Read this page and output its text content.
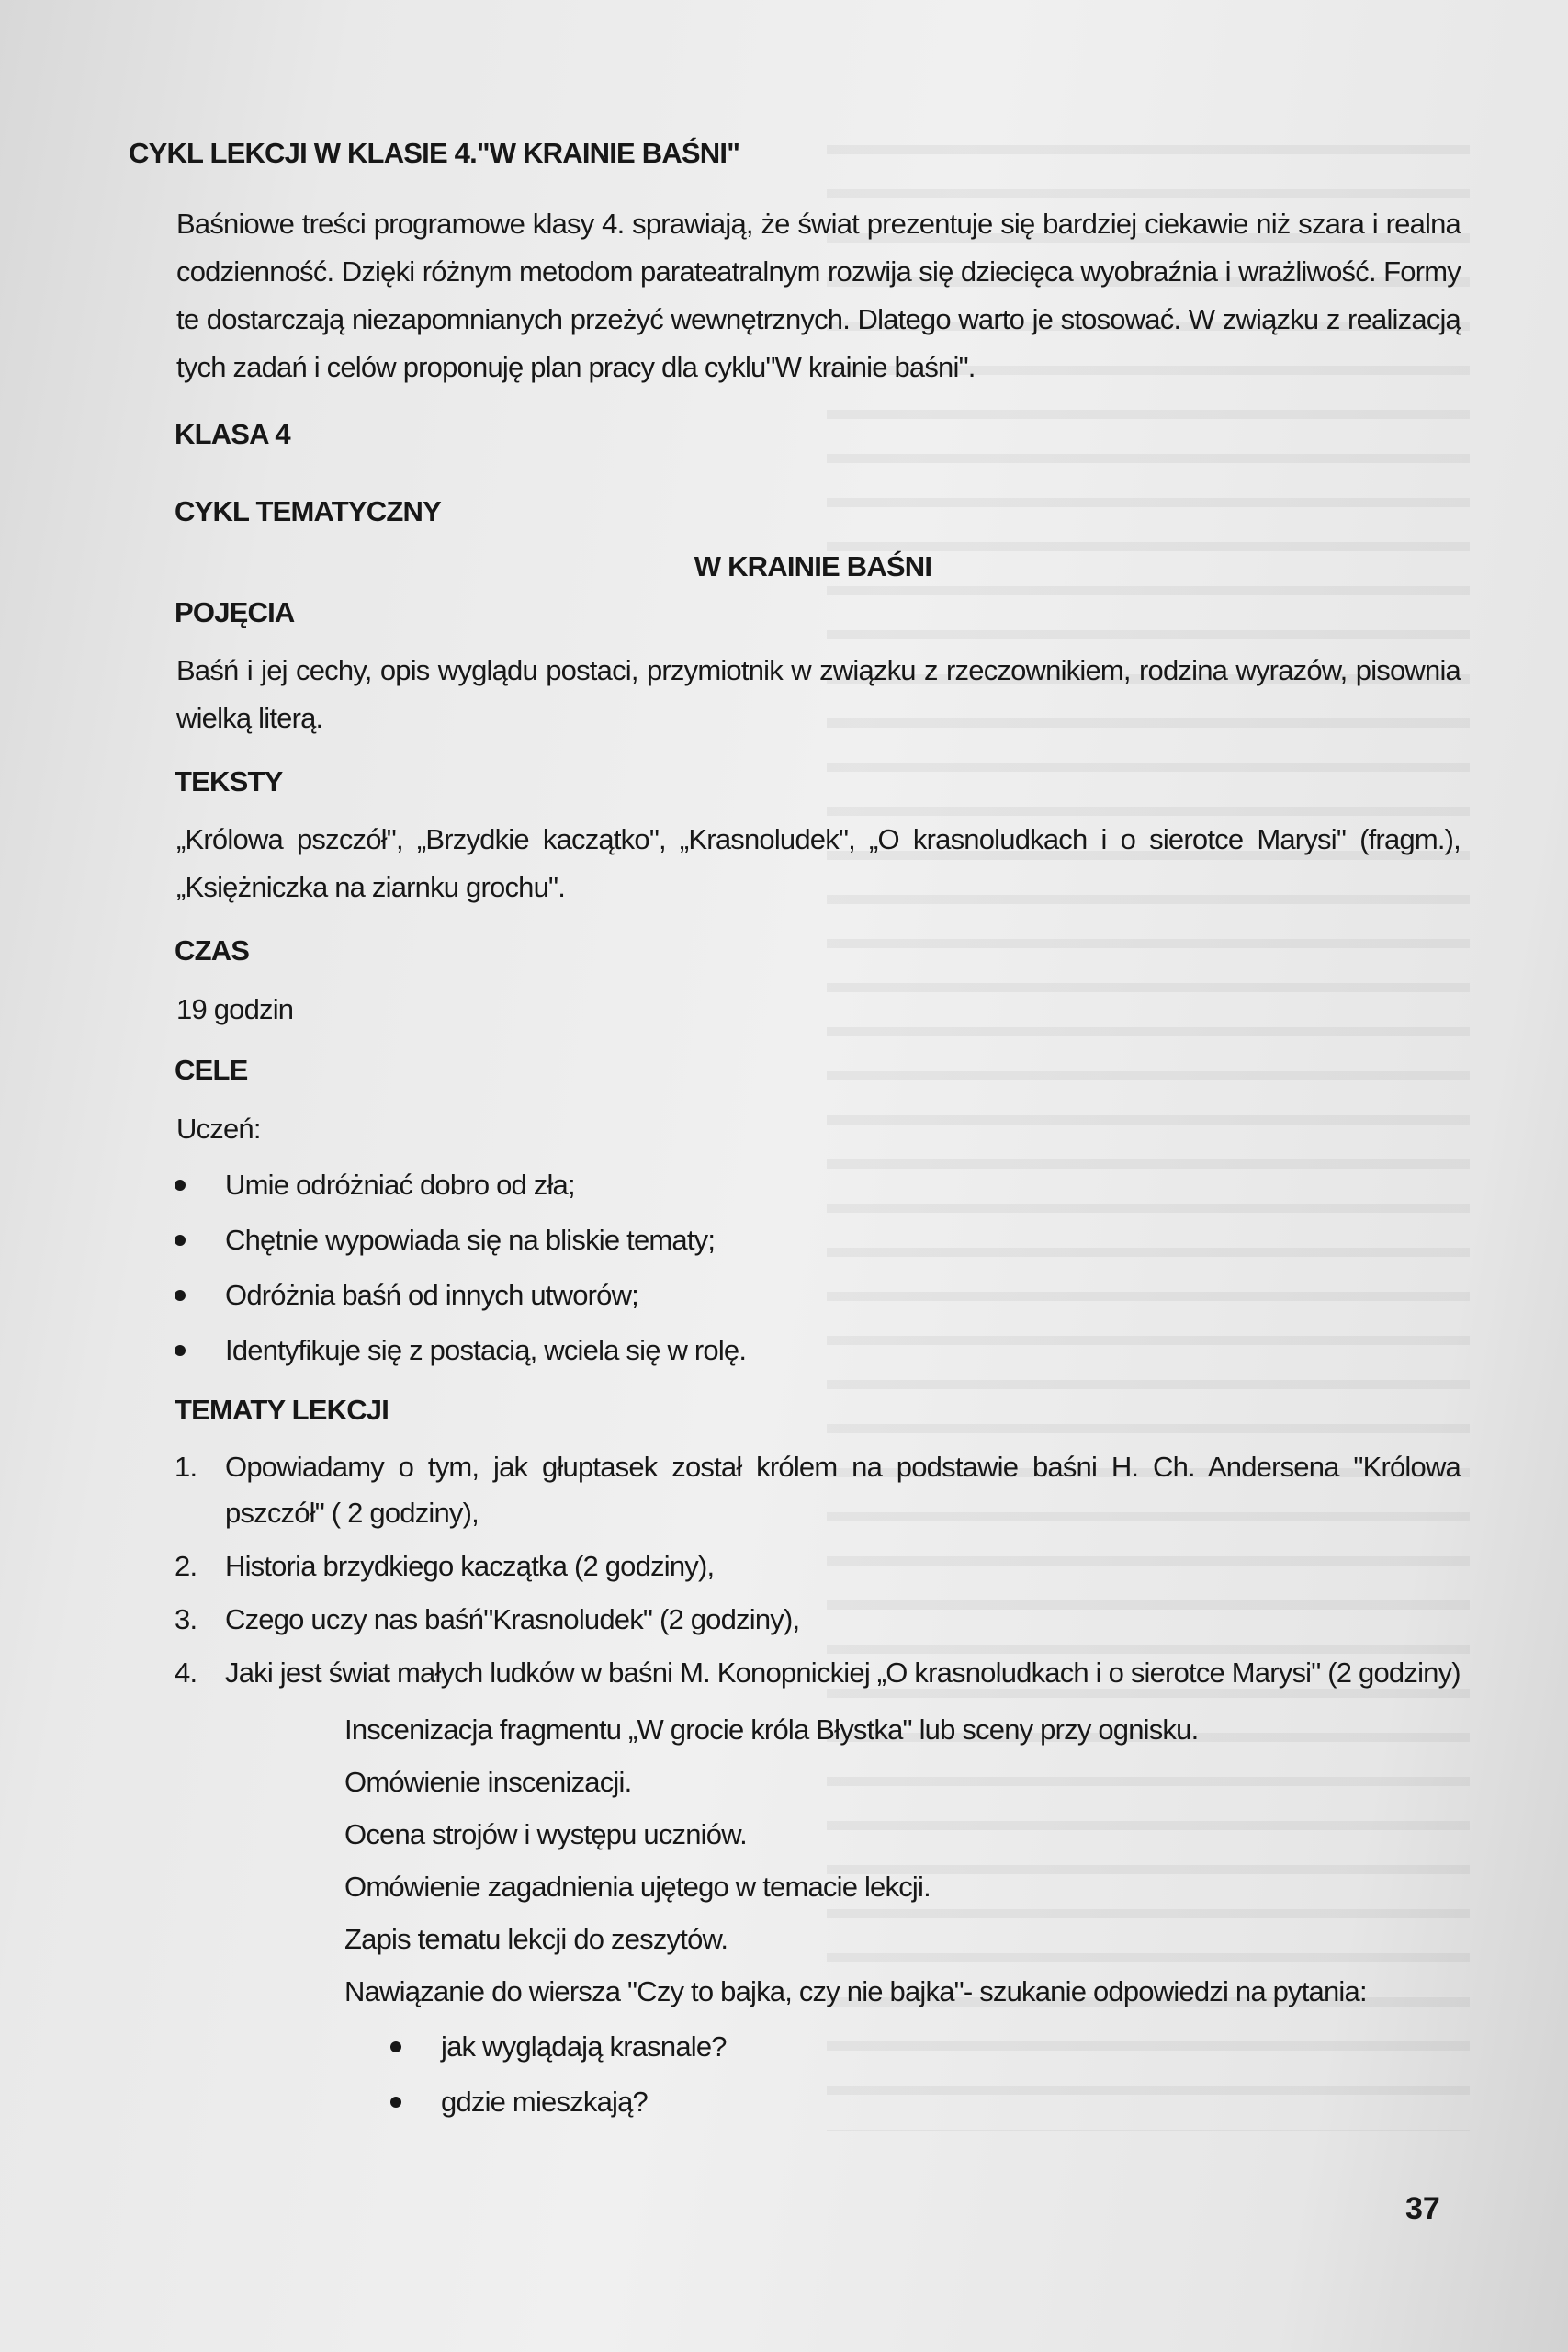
CYKL LEKCJI W KLASIE 4."W KRAINIE BAŚNI"

Baśniowe treści programowe klasy 4. sprawiają, że świat prezentuje się bardziej ciekawie niż szara i realna codzienność. Dzięki różnym metodom parateatralnym rozwija się dziecięca wyobraźnia i wrażliwość. Formy te dostarczają niezapomnianych przeżyć wewnętrznych. Dlatego warto je stosować. W związku z realizacją tych zadań i celów proponuję plan pracy dla cyklu"W krainie baśni".

KLASA 4

CYKL TEMATYCZNY

W KRAINIE BAŚNI

POJĘCIA

Baśń i jej cechy, opis wyglądu postaci, przymiotnik w związku z rzeczownikiem, rodzina wyrazów, pisownia wielką literą.

TEKSTY

„Królowa pszczół", „Brzydkie kaczątko", „Krasnoludek", „O krasnoludkach i o sierotce Marysi" (fragm.), „Księżniczka na ziarnku grochu".

CZAS

19 godzin

CELE

Uczeń:

Umie odróżniać dobro od zła;
Chętnie wypowiada się na bliskie tematy;
Odróżnia baśń od innych utworów;
Identyfikuje się z postacią, wciela się w rolę.

TEMATY LEKCJI

1. Opowiadamy o tym, jak głuptasek został królem na podstawie baśni H. Ch. Andersena "Królowa pszczół" ( 2 godziny),
2. Historia brzydkiego kaczątka (2 godziny),
3. Czego uczy nas baśń"Krasnoludek" (2 godziny),
4. Jaki jest świat małych ludków w baśni M. Konopnickiej „O krasnoludkach i o sierotce Marysi" (2 godziny)

Inscenizacja fragmentu „W grocie króla Błystka" lub sceny przy ognisku.

Omówienie inscenizacji.

Ocena strojów i występu uczniów.

Omówienie zagadnienia ujętego w temacie lekcji.

Zapis tematu lekcji do zeszytów.

Nawiązanie do wiersza "Czy to bajka, czy nie bajka"- szukanie odpowiedzi na pytania:

jak wyglądają krasnale?
gdzie mieszkają?
37
